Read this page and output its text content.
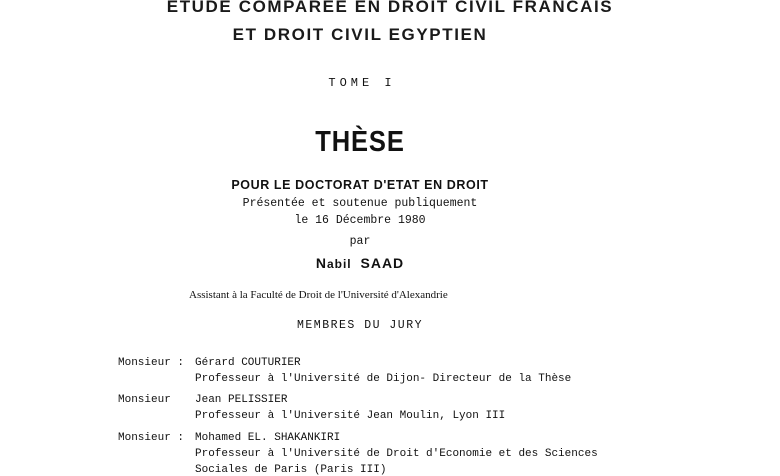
ETUDE COMPAREE EN DROIT CIVIL FRANCAIS
ET DROIT CIVIL EGYPTIEN
TOME I
THÈSE
POUR LE DOCTORAT D'ETAT EN DROIT
Présentée et soutenue publiquement
le 16 Décembre 1980
par
Nabil SAAD
Assistant à la Faculté de Droit de l'Université d'Alexandrie
MEMBRES DU JURY
Monsieur : Gérard COUTURIER
Professeur à l'Université de Dijon- Directeur de la Thèse
Monsieur Jean PELISSIER
Professeur à l'Université Jean Moulin, Lyon III
Monsieur : Mohamed EL. SHAKANKIRI
Professeur à l'Université de Droit d'Economie et des Sciences
Sociales de Paris (Paris III)
